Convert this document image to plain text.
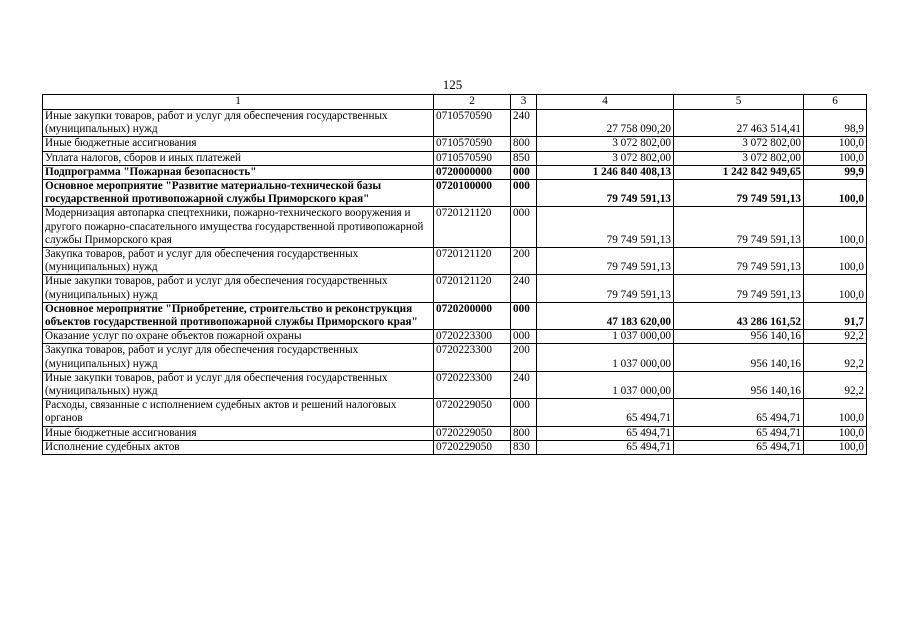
125
1	2	3	4	5	6
Иные закупки товаров, работ и услуг для обеспечения государственных (муниципальных) нужд	0710570590	240	27 758 090,20	27 463 514,41	98,9
Иные бюджетные ассигнования	0710570590	800	3 072 802,00	3 072 802,00	100,0
Уплата налогов, сборов и иных платежей	0710570590	850	3 072 802,00	3 072 802,00	100,0
Подпрограмма "Пожарная безопасность"	0720000000	000	1 246 840 408,13	1 242 842 949,65	99,9
Основное мероприятие "Развитие материально-технической базы государственной противопожарной службы Приморского края"	0720100000	000	79 749 591,13	79 749 591,13	100,0
Модернизация автопарка спецтехники, пожарно-технического вооружения и другого пожарно-спасательного имущества государственной противопожарной службы Приморского края	0720121120	000	79 749 591,13	79 749 591,13	100,0
Закупка товаров, работ и услуг для обеспечения государственных (муниципальных) нужд	0720121120	200	79 749 591,13	79 749 591,13	100,0
Иные закупки товаров, работ и услуг для обеспечения государственных (муниципальных) нужд	0720121120	240	79 749 591,13	79 749 591,13	100,0
Основное мероприятие "Приобретение, строительство и реконструкция объектов государственной противопожарной службы Приморского края"	0720200000	000	47 183 620,00	43 286 161,52	91,7
Оказание услуг по охране объектов пожарной охраны	0720223300	000	1 037 000,00	956 140,16	92,2
Закупка товаров, работ и услуг для обеспечения государственных (муниципальных) нужд	0720223300	200	1 037 000,00	956 140,16	92,2
Иные закупки товаров, работ и услуг для обеспечения государственных (муниципальных) нужд	0720223300	240	1 037 000,00	956 140,16	92,2
Расходы, связанные с исполнением судебных актов и решений налоговых органов	0720229050	000	65 494,71	65 494,71	100,0
Иные бюджетные ассигнования	0720229050	800	65 494,71	65 494,71	100,0
Исполнение судебных актов	0720229050	830	65 494,71	65 494,71	100,0
